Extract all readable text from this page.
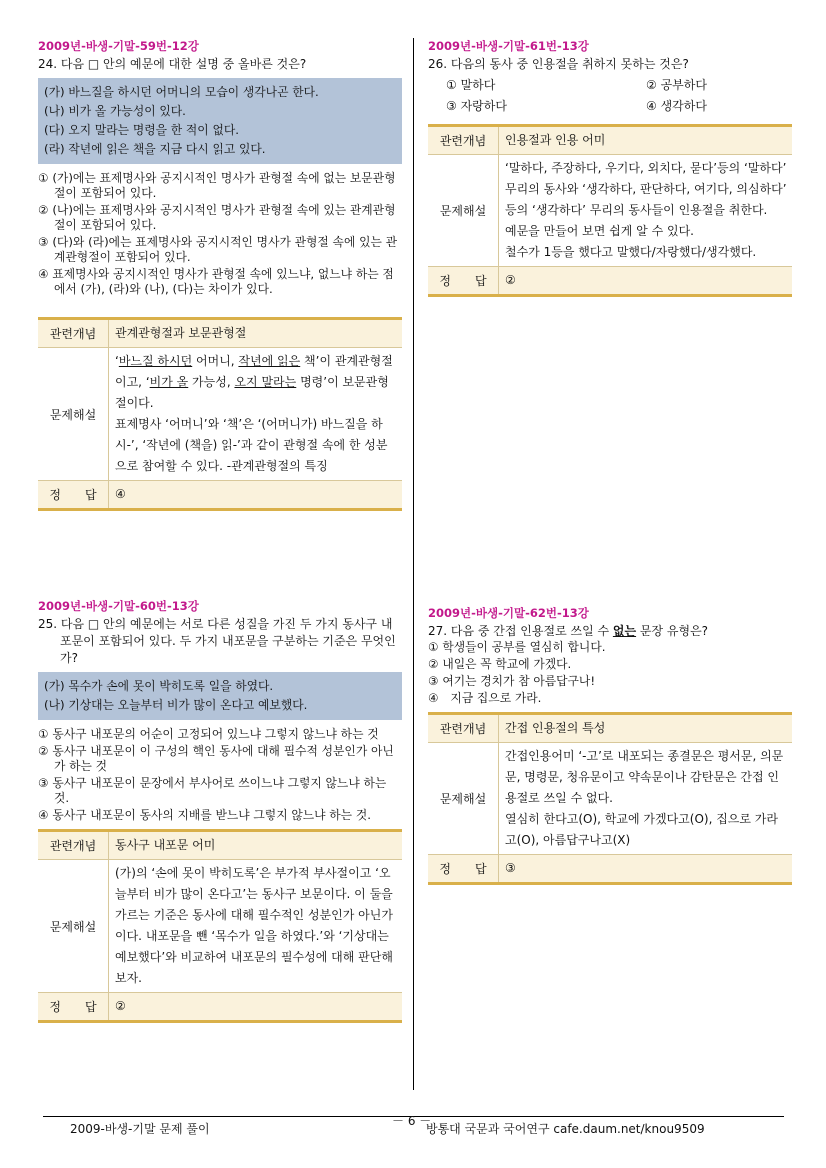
2009년-바생-기말-59번-12강
24. 다음 □ 안의 예문에 대한 설명 중 올바른 것은?
(가) 바느질을 하시던 어머니의 모습이 생각나곤 한다.
(나) 비가 올 가능성이 있다.
(다) 오지 말라는 명령을 한 적이 없다.
(라) 작년에 읽은 책을 지금 다시 읽고 있다.
① (가)에는 표제명사와 공지시적인 명사가 관형절 속에 없는 보문관형절이 포함되어 있다.
② (나)에는 표제명사와 공지시적인 명사가 관형절 속에 있는 관계관형절이 포함되어 있다.
③ (다)와 (라)에는 표제명사와 공지시적인 명사가 관형절 속에 있는 관계관형절이 포함되어 있다.
④ 표제명사와 공지시적인 명사가 관형절 속에 있느냐, 없느냐 하는 점에서 (가), (라)와 (나), (다)는 차이가 있다.
관련개념	관계관형절과 보문관형절
문제해설	‘바느질 하시던 어머니, 작년에 읽은 책’이 관계관형절이고, ‘비가 올 가능성, 오지 말라는 명령’이 보문관형절이다.
표제명사 ‘어머니’와 ‘책’은 ‘(어머니가) 바느질을 하시-’, ‘작년에 (책을) 읽-’과 같이 관형절 속에 한 성분으로 참여할 수 있다. -관계관형절의 특징
정　　답	④
2009년-바생-기말-60번-13강
25. 다음 □ 안의 예문에는 서로 다른 성질을 가진 두 가지 동사구 내포문이 포함되어 있다. 두 가지 내포문을 구분하는 기준은 무엇인가?
(가) 목수가 손에 못이 박히도록 일을 하였다.
(나) 기상대는 오늘부터 비가 많이 온다고 예보했다.
① 동사구 내포문의 어순이 고정되어 있느냐 그렇지 않느냐 하는 것
② 동사구 내포문이 이 구성의 핵인 동사에 대해 필수적 성분인가 아닌가 하는 것
③ 동사구 내포문이 문장에서 부사어로 쓰이느냐 그렇지 않느냐 하는 것.
④ 동사구 내포문이 동사의 지배를 받느냐 그렇지 않느냐 하는 것.
관련개념	동사구 내포문 어미
문제해설	(가)의 ‘손에 못이 박히도록’은 부가적 부사절이고 ‘오늘부터 비가 많이 온다고’는 동사구 보문이다. 이 둘을 가르는 기준은 동사에 대해 필수적인 성분인가 아닌가이다. 내포문을 뺀 ‘목수가 일을 하였다.’와 ‘기상대는 예보했다’와 비교하여 내포문의 필수성에 대해 판단해 보자.
정　　답	②
2009년-바생-기말-61번-13강
26. 다음의 동사 중 인용절을 취하지 못하는 것은?
① 말하다	② 공부하다
③ 자랑하다	④ 생각하다
관련개념	인용절과 인용 어미
문제해설	‘말하다, 주장하다, 우기다, 외치다, 묻다’등의 ‘말하다’ 무리의 동사와 ‘생각하다, 판단하다, 여기다, 의심하다’ 등의 ‘생각하다’ 무리의 동사들이 인용절을 취한다.
예문을 만들어 보면 쉽게 알 수 있다.
철수가 1등을 했다고 말했다/자랑했다/생각했다.

정　　답	②
2009년-바생-기말-62번-13강
27. 다음 중 간접 인용절로 쓰일 수 없는 문장 유형은?
① 학생들이 공부를 열심히 합니다.
② 내일은 꼭 학교에 가겠다.
③ 여기는 경치가 참 아름답구나!
④　지금 집으로 가라.
관련개념	간접 인용절의 특성
문제해설	간접인용어미 ‘-고’로 내포되는 종결문은 평서문, 의문문, 명령문, 청유문이고 약속문이나 감탄문은 간접 인용절로 쓰일 수 없다.
열심히 한다고(O), 학교에 가겠다고(O), 집으로 가라고(O), 아름답구나고(X)

정　　답	③
2009-바생-기말 문제 풀이
－ 6 －
방통대 국문과 국어연구 cafe.daum.net/knou9509
